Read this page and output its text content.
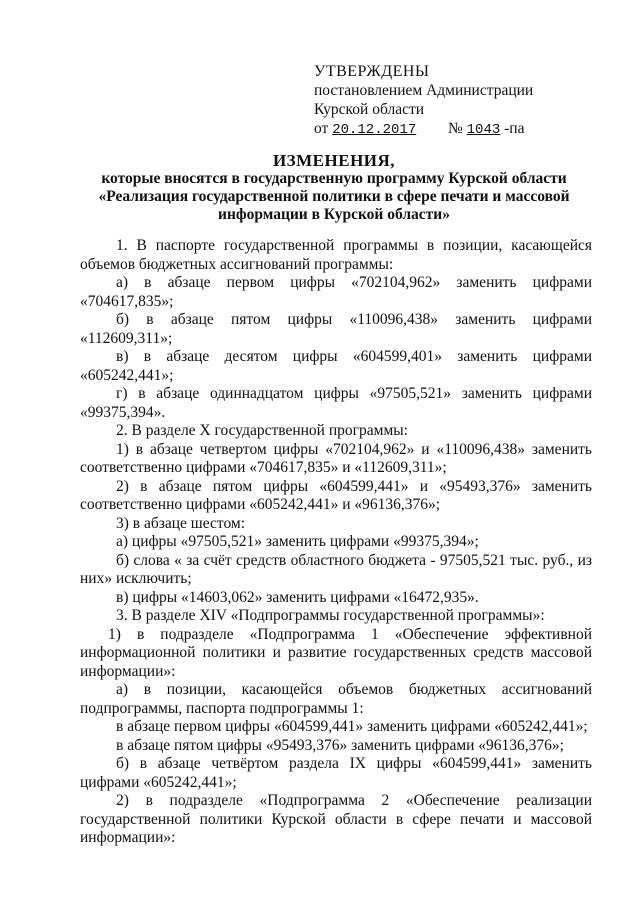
УТВЕРЖДЕНЫ
постановлением Администрации
Курской области
от 20.12.2017 № 1043 -па
ИЗМЕНЕНИЯ,
которые вносятся в государственную программу Курской области «Реализация государственной политики в сфере печати и массовой информации в Курской области»

1. В паспорте государственной программы в позиции, касающейся объемов бюджетных ассигнований программы:

а) в абзаце первом цифры «702104,962» заменить цифрами «704617,835»;

б) в абзаце пятом цифры «110096,438» заменить цифрами «112609,311»;

в) в абзаце десятом цифры «604599,401» заменить цифрами «605242,441»;

г) в абзаце одиннадцатом цифры «97505,521» заменить цифрами «99375,394».

2. В разделе X государственной программы:

1) в абзаце четвертом цифры «702104,962» и «110096,438» заменить соответственно цифрами «704617,835» и «112609,311»;

2) в абзаце пятом цифры «604599,441» и «95493,376» заменить соответственно цифрами «605242,441» и «96136,376»;

3) в абзаце шестом:

а) цифры «97505,521» заменить цифрами «99375,394»;

б) слова « за счёт средств областного бюджета - 97505,521 тыс. руб., из них» исключить;

в) цифры «14603,062» заменить цифрами «16472,935».

3. В разделе XIV «Подпрограммы государственной программы»:

1) в подразделе «Подпрограмма 1 «Обеспечение эффективной информационной политики и развитие государственных средств массовой информации»:

а) в позиции, касающейся объемов бюджетных ассигнований подпрограммы, паспорта подпрограммы 1:

в абзаце первом цифры «604599,441» заменить цифрами «605242,441»;

в абзаце пятом цифры «95493,376» заменить цифрами «96136,376»;

б) в абзаце четвёртом раздела IX цифры «604599,441» заменить цифрами «605242,441»;

2) в подразделе «Подпрограмма 2 «Обеспечение реализации государственной политики Курской области в сфере печати и массовой информации»:
